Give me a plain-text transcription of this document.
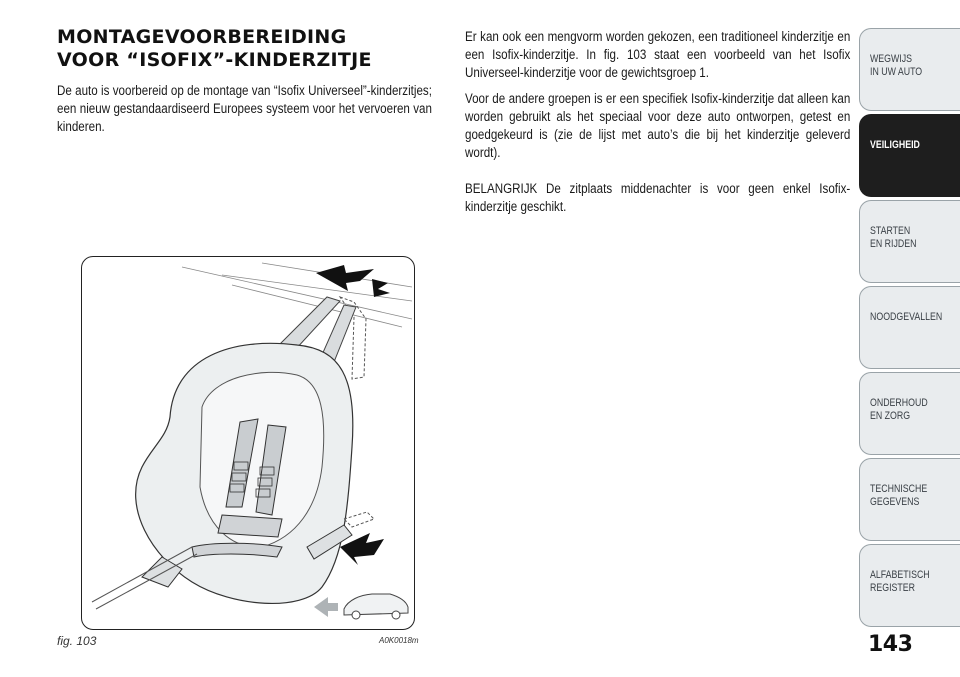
MONTAGEVOORBEREIDING
VOOR “ISOFIX”-KINDERZITJE

De auto is voorbereid op de montage van “Isofix Universeel”-kinderzitjes; een nieuw gestandaardiseerd Europees systeem voor het vervoeren van kinderen.

Er kan ook een mengvorm worden gekozen, een traditioneel kinderzitje en een Isofix-kinderzitje. In fig. 103 staat een voorbeeld van het Isofix Universeel-kinderzitje voor de gewichtsgroep 1.

Voor de andere groepen is er een specifiek Isofix-kinderzitje dat alleen kan worden gebruikt als het speciaal voor deze auto ontworpen, getest en goedgekeurd is (zie de lijst met auto’s die bij het kinderzitje geleverd wordt).

BELANGRIJK De zitplaats middenachter is voor geen enkel Isofix-kinderzitje geschikt.

fig. 103	A0K0018m	143
WEGWIJS
IN UW AUTO
VEILIGHEID
STARTEN
EN RIJDEN
NOODGEVALLEN
ONDERHOUD
EN ZORG
TECHNISCHE
GEGEVENS
ALFABETISCH
REGISTER
